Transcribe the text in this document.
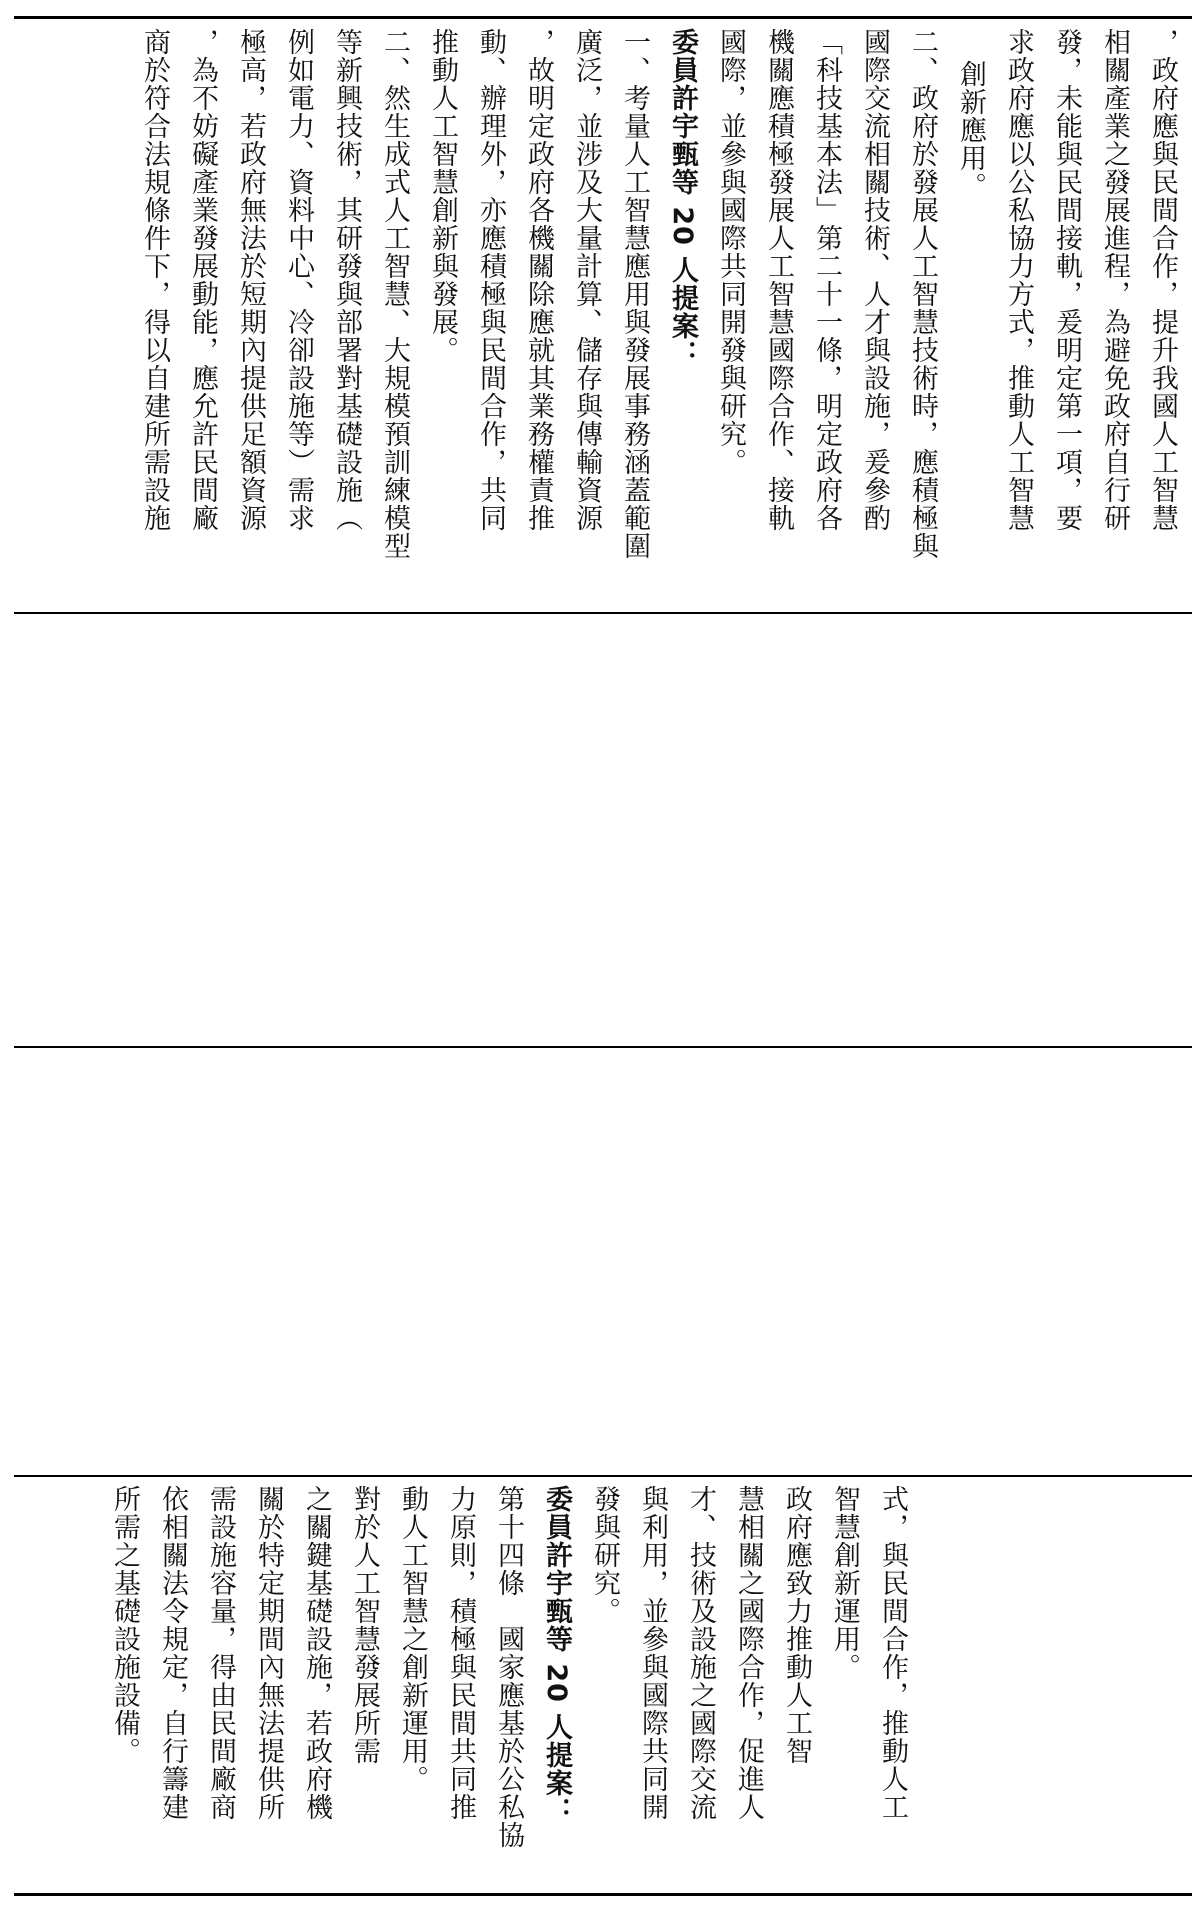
，政府應與民間合作，提升我國人工智慧

相關產業之發展進程，為避免政府自行研

發，未能與民間接軌，爰明定第一項，要

求政府應以公私協力方式，推動人工智慧

創新應用。

二、政府於發展人工智慧技術時，應積極與

國際交流相關技術、人才與設施，爰參酌

「科技基本法」第二十一條，明定政府各

機關應積極發展人工智慧國際合作、接軌

國際，並參與國際共同開發與研究。

委員許宇甄等 20 人提案：

一、考量人工智慧應用與發展事務涵蓋範圍

廣泛，並涉及大量計算、儲存與傳輸資源

，故明定政府各機關除應就其業務權責推

動、辦理外，亦應積極與民間合作，共同

推動人工智慧創新與發展。

二、然生成式人工智慧、大規模預訓練模型

等新興技術，其研發與部署對基礎設施（

例如電力、資料中心、冷卻設施等）需求

極高，若政府無法於短期內提供足額資源

，為不妨礙產業發展動能，應允許民間廠

商於符合法規條件下，得以自建所需設施

式，與民間合作，推動人工

智慧創新運用。

政府應致力推動人工智

慧相關之國際合作，促進人

才、技術及設施之國際交流

與利用，並參與國際共同開

發與研究。

委員許宇甄等 20 人提案：

第十四條　國家應基於公私協

力原則，積極與民間共同推

動人工智慧之創新運用。

對於人工智慧發展所需

之關鍵基礎設施，若政府機

關於特定期間內無法提供所

需設施容量，得由民間廠商

依相關法令規定，自行籌建

所需之基礎設施設備。
